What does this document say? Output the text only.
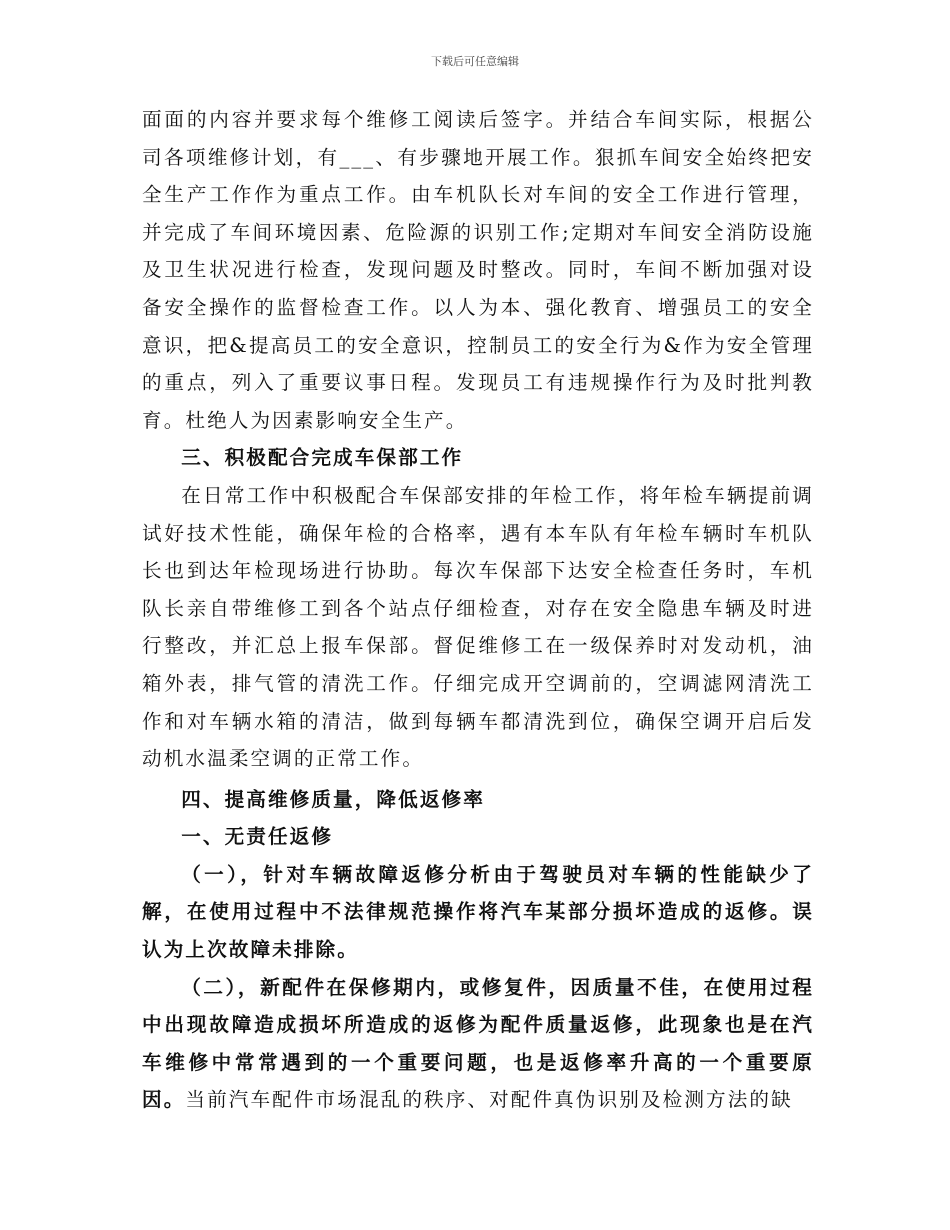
下载后可任意编辑

面面的内容并要求每个维修工阅读后签字。并结合车间实际，根据公司各项维修计划，有___、有步骤地开展工作。狠抓车间安全始终把安全生产工作作为重点工作。由车机队长对车间的安全工作进行管理，并完成了车间环境因素、危险源的识别工作;定期对车间安全消防设施及卫生状况进行检查，发现问题及时整改。同时，车间不断加强对设备安全操作的监督检查工作。以人为本、强化教育、增强员工的安全意识，把&提高员工的安全意识，控制员工的安全行为&作为安全管理的重点，列入了重要议事日程。发现员工有违规操作行为及时批判教育。杜绝人为因素影响安全生产。

三、积极配合完成车保部工作

在日常工作中积极配合车保部安排的年检工作，将年检车辆提前调试好技术性能，确保年检的合格率，遇有本车队有年检车辆时车机队长也到达年检现场进行协助。每次车保部下达安全检查任务时，车机队长亲自带维修工到各个站点仔细检查，对存在安全隐患车辆及时进行整改，并汇总上报车保部。督促维修工在一级保养时对发动机，油箱外表，排气管的清洗工作。仔细完成开空调前的，空调滤网清洗工作和对车辆水箱的清洁，做到每辆车都清洗到位，确保空调开启后发动机水温柔空调的正常工作。

四、提高维修质量，降低返修率

一、无责任返修

（一），针对车辆故障返修分析由于驾驶员对车辆的性能缺少了解，在使用过程中不法律规范操作将汽车某部分损坏造成的返修。误认为上次故障未排除。

（二），新配件在保修期内，或修复件，因质量不佳，在使用过程中出现故障造成损坏所造成的返修为配件质量返修，此现象也是在汽车维修中常常遇到的一个重要问题，也是返修率升高的一个重要原因。当前汽车配件市场混乱的秩序、对配件真伪识别及检测方法的缺
